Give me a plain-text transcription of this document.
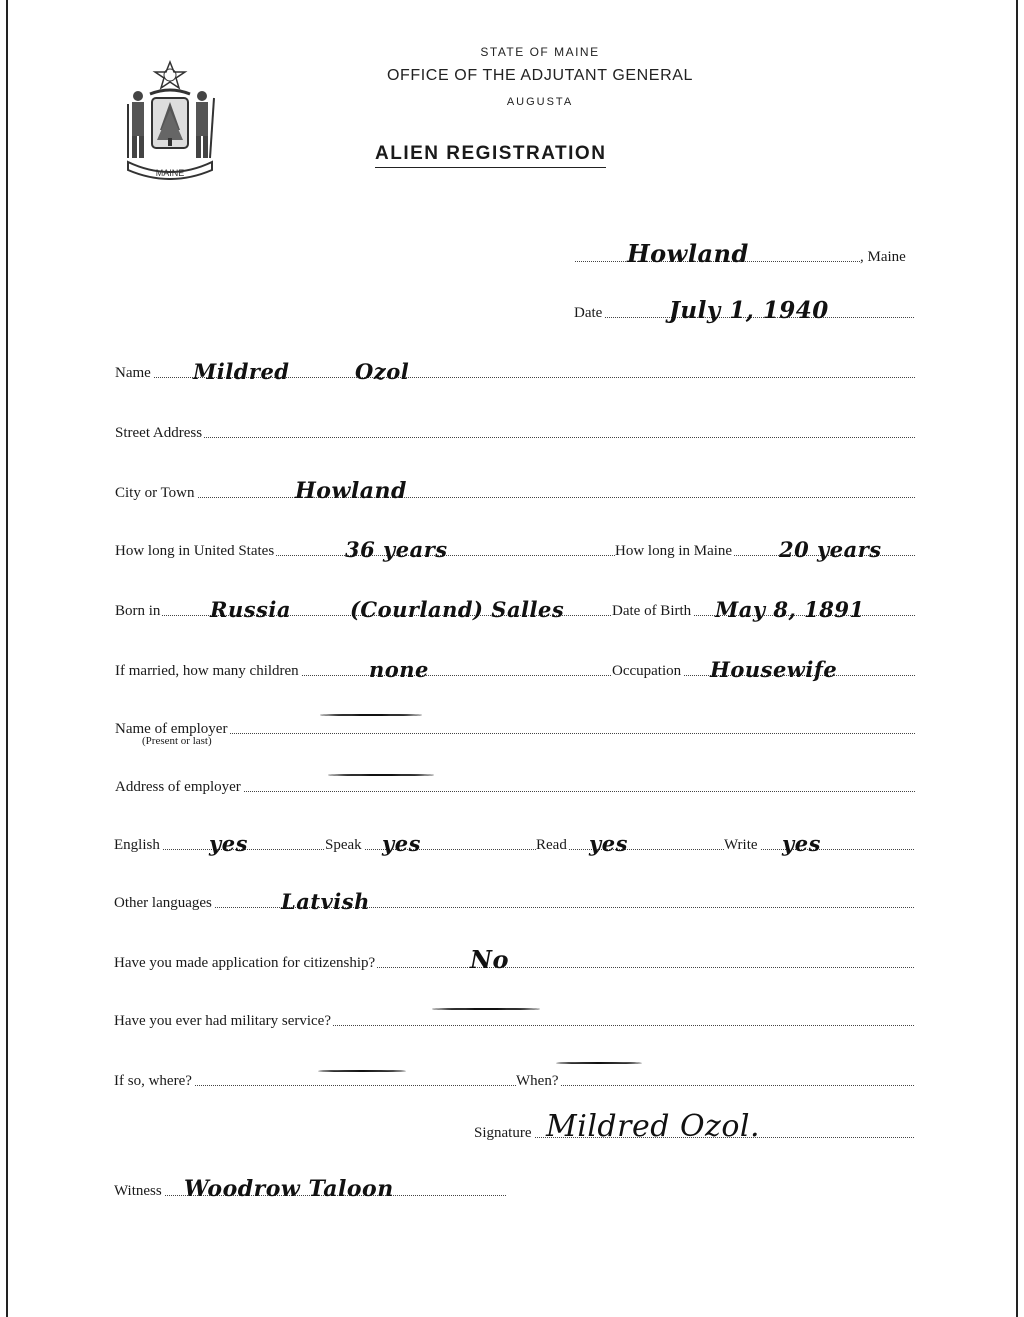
MAINE
STATE OF MAINE
OFFICE OF THE ADJUTANT GENERAL
AUGUSTA
ALIEN REGISTRATION
Howland	, Maine
Date	July 1, 1940
Name Mildred	Ozol
Street Address
City or Town	Howland
How long in United States	36 years	How long in Maine 20 years
Born in Russia	(Courland) Salles	Date of Birth May 8, 1891
If married, how many children	none	Occupation Housewife
Name of employer
(Present or last)
Address of employer
English yes	Speak yes	Read yes	Write yes
Other languages	Latvish
Have you made application for citizenship?	No
Have you ever had military service?
If so, where?	When?
Signature Mildred Ozol.
Witness Woodrow Taloon
